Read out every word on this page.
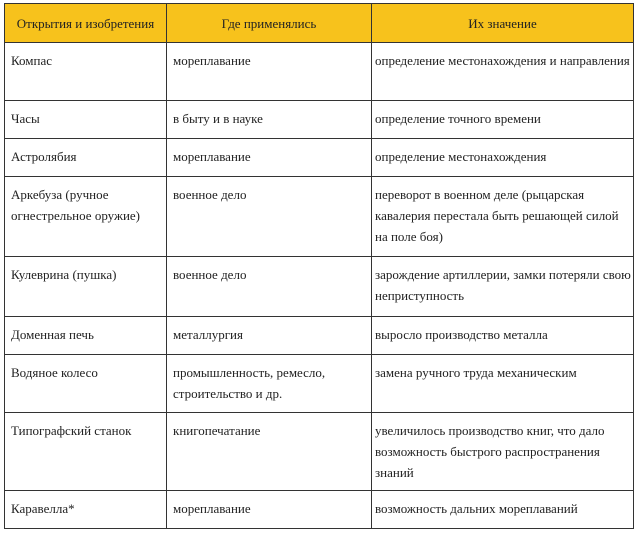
Открытия и изобретения	Где применялись	Их значение
Компас	мореплавание	определение местонахождения и направления
Часы	в быту и в науке	определение точного времени
Астролябия	мореплавание	определение местонахождения
Аркебуза (ручное огнестрельное оружие)	военное дело	переворот в военном деле (рыцарская кавалерия перестала быть решающей силой на поле боя)
Кулеврина (пушка)	военное дело	зарождение артиллерии, замки потеряли свою неприступность
Доменная печь	металлургия	выросло производство металла
Водяное колесо	промышленность, ремесло, строительство и др.	замена ручного труда механическим
Типографский станок	книгопечатание	увеличилось производство книг, что дало возможность быстрого распространения знаний
Каравелла*	мореплавание	возможность дальних мореплаваний
